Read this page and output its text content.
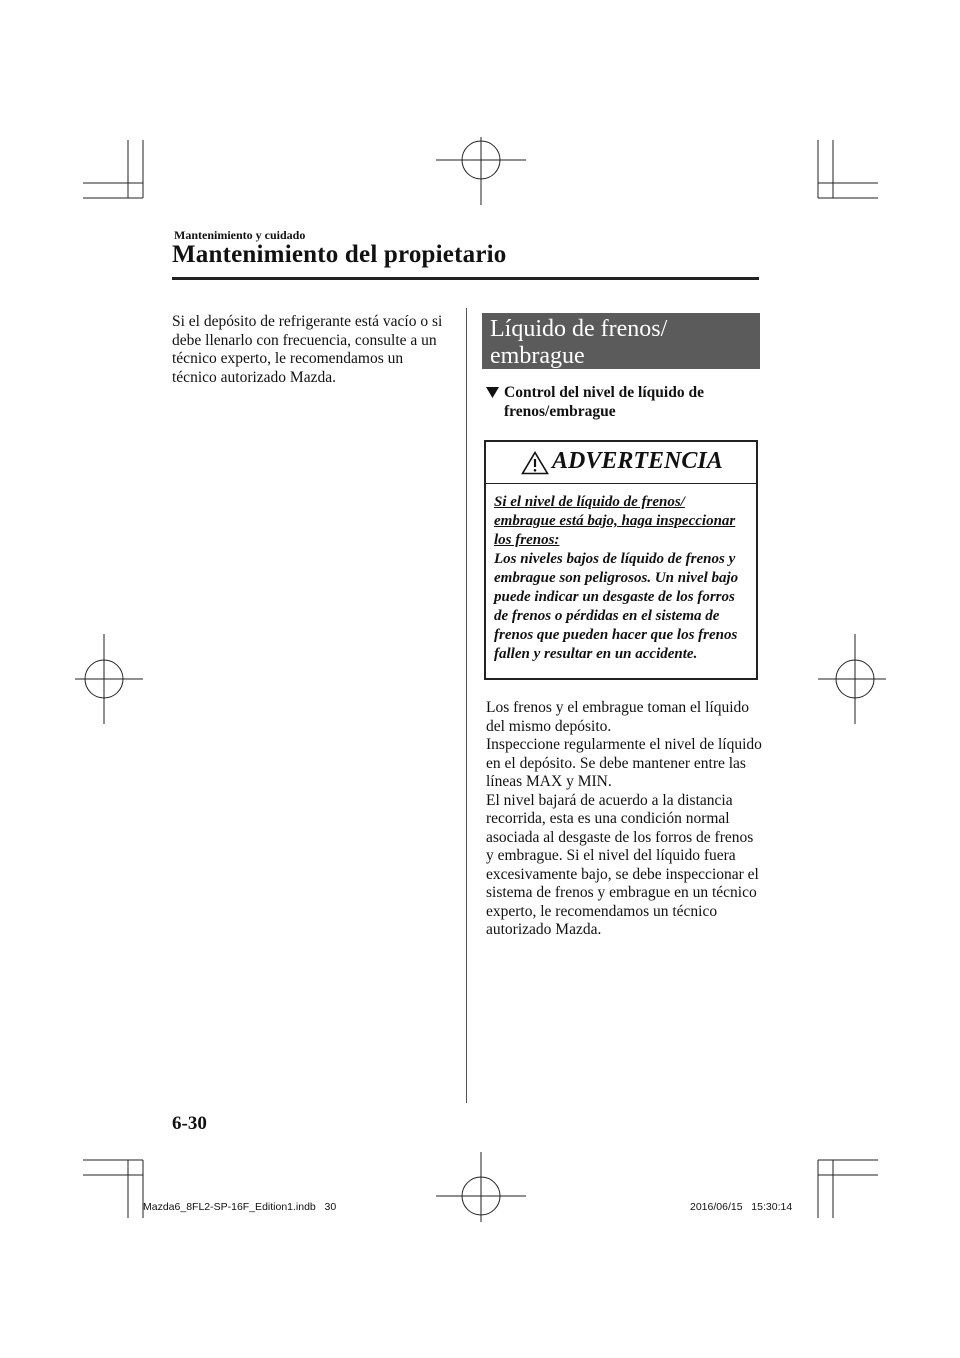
Mantenimiento y cuidado
Mantenimiento del propietario
Si el depósito de refrigerante está vacío o si debe llenarlo con frecuencia, consulte a un técnico experto, le recomendamos un técnico autorizado Mazda.
Líquido de frenos/
embrague
Control del nivel de líquido de
frenos/embrague
ADVERTENCIA

Si el nivel de líquido de frenos/

embrague está bajo, haga inspeccionar

los frenos:

Los niveles bajos de líquido de frenos y embrague son peligrosos. Un nivel bajo puede indicar un desgaste de los forros de frenos o pérdidas en el sistema de frenos que pueden hacer que los frenos fallen y resultar en un accidente.

Los frenos y el embrague toman el líquido del mismo depósito.

Inspeccione regularmente el nivel de líquido en el depósito. Se debe mantener entre las líneas MAX y MIN.

El nivel bajará de acuerdo a la distancia recorrida, esta es una condición normal asociada al desgaste de los forros de frenos y embrague. Si el nivel del líquido fuera excesivamente bajo, se debe inspeccionar el sistema de frenos y embrague en un técnico experto, le recomendamos un técnico autorizado Mazda.

6-30
Mazda6_8FL2-SP-16F_Edition1.indb   30	2016/06/15   15:30:14
